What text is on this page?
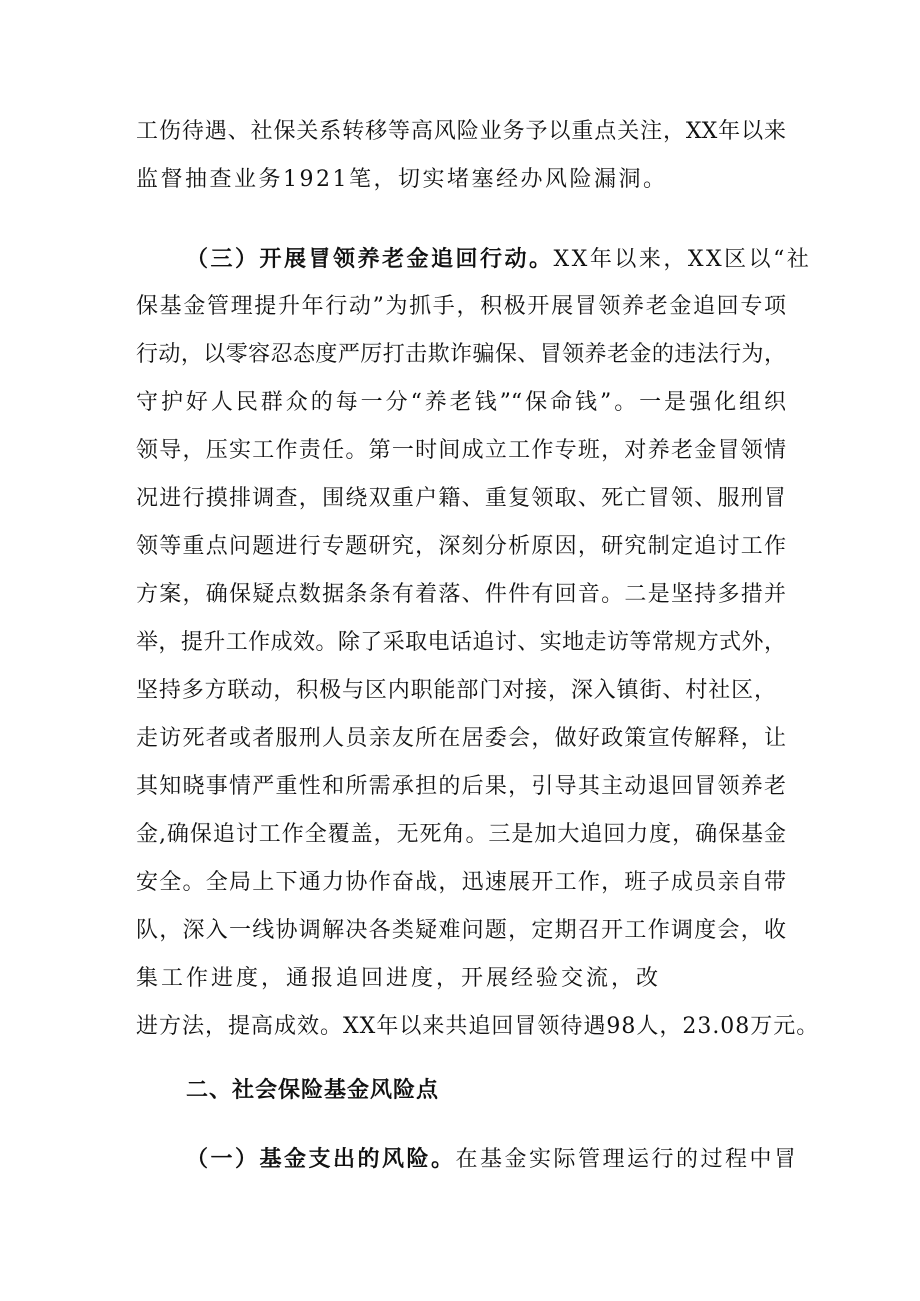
工伤待遇、社保关系转移等高风险业务予以重点关注，XX年以来
监督抽查业务1921笔，切实堵塞经办风险漏洞。
（三）开展冒领养老金追回行动。XX年以来，XX区以“社
保基金管理提升年行动”为抓手，积极开展冒领养老金追回专项
行动，以零容忍态度严厉打击欺诈骗保、冒领养老金的违法行为，
守护好人民群众的每一分“养老钱”“保命钱”。一是强化组织
领导，压实工作责任。第一时间成立工作专班，对养老金冒领情
况进行摸排调查，围绕双重户籍、重复领取、死亡冒领、服刑冒
领等重点问题进行专题研究，深刻分析原因，研究制定追讨工作
方案，确保疑点数据条条有着落、件件有回音。二是坚持多措并
举，提升工作成效。除了采取电话追讨、实地走访等常规方式外，
坚持多方联动，积极与区内职能部门对接，深入镇街、村社区，
走访死者或者服刑人员亲友所在居委会，做好政策宣传解释，让
其知晓事情严重性和所需承担的后果，引导其主动退回冒领养老
金,确保追讨工作全覆盖，无死角。三是加大追回力度，确保基金
安全。全局上下通力协作奋战，迅速展开工作，班子成员亲自带
队，深入一线协调解决各类疑难问题，定期召开工作调度会，收
集工作进度，通报追回进度，开展经验交流，改
进方法，提高成效。XX年以来共追回冒领待遇98人，23.08万元。
二、社会保险基金风险点
（一）基金支出的风险。在基金实际管理运行的过程中冒
